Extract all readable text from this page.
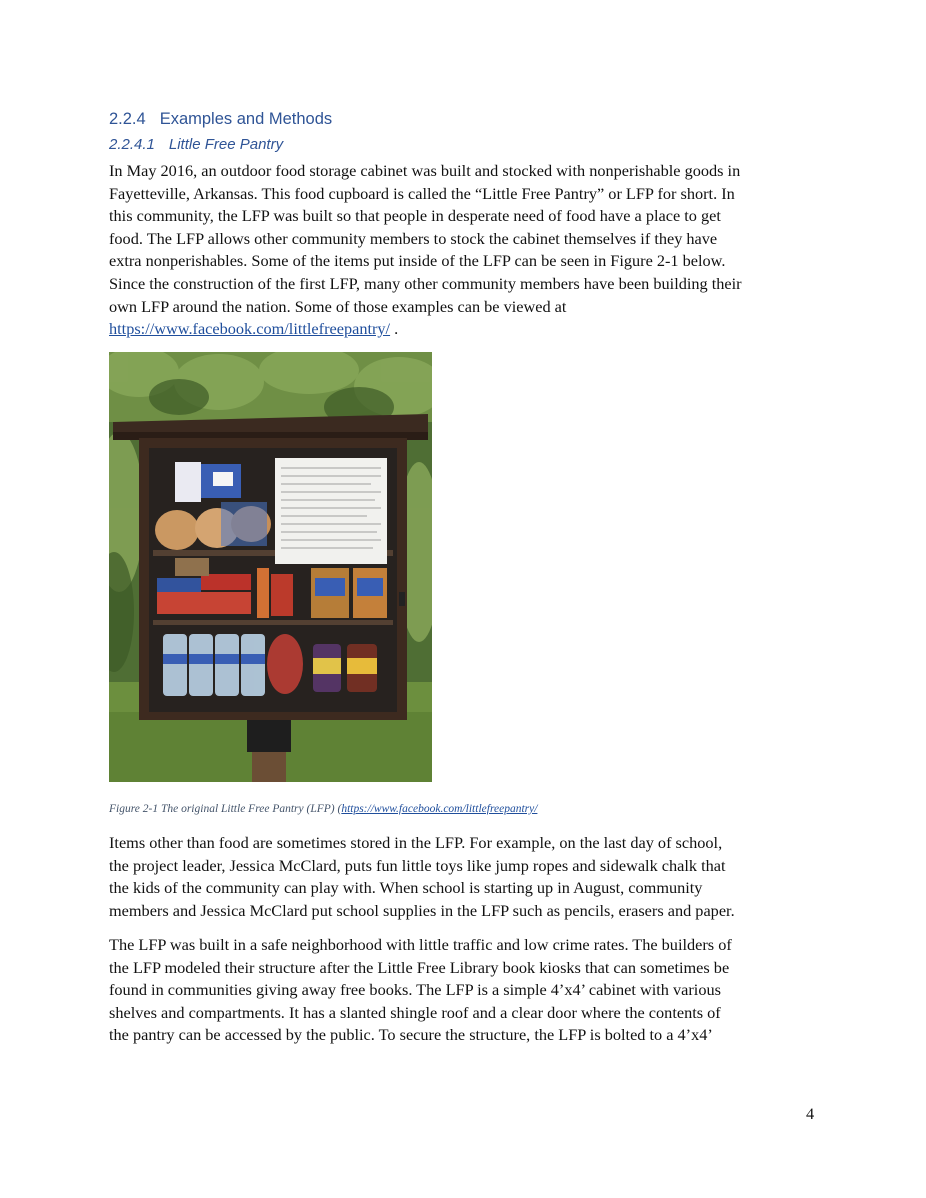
2.2.4 Examples and Methods
2.2.4.1 Little Free Pantry

In May 2016, an outdoor food storage cabinet was built and stocked with nonperishable goods in
Fayetteville, Arkansas. This food cupboard is called the “Little Free Pantry” or LFP for short. In
this community, the LFP was built so that people in desperate need of food have a place to get
food. The LFP allows other community members to stock the cabinet themselves if they have
extra nonperishables. Some of the items put inside of the LFP can be seen in Figure 2-1 below.
Since the construction of the first LFP, many other community members have been building their
own LFP around the nation. Some of those examples can be viewed at
https://www.facebook.com/littlefreepantry/ .

Figure 2-1 The original Little Free Pantry (LFP) (https://www.facebook.com/littlefreepantry/

Items other than food are sometimes stored in the LFP. For example, on the last day of school,
the project leader, Jessica McClard, puts fun little toys like jump ropes and sidewalk chalk that
the kids of the community can play with. When school is starting up in August, community
members and Jessica McClard put school supplies in the LFP such as pencils, erasers and paper.

The LFP was built in a safe neighborhood with little traffic and low crime rates. The builders of
the LFP modeled their structure after the Little Free Library book kiosks that can sometimes be
found in communities giving away free books. The LFP is a simple 4’x4’ cabinet with various
shelves and compartments. It has a slanted shingle roof and a clear door where the contents of
the pantry can be accessed by the public. To secure the structure, the LFP is bolted to a 4’x4’

4
